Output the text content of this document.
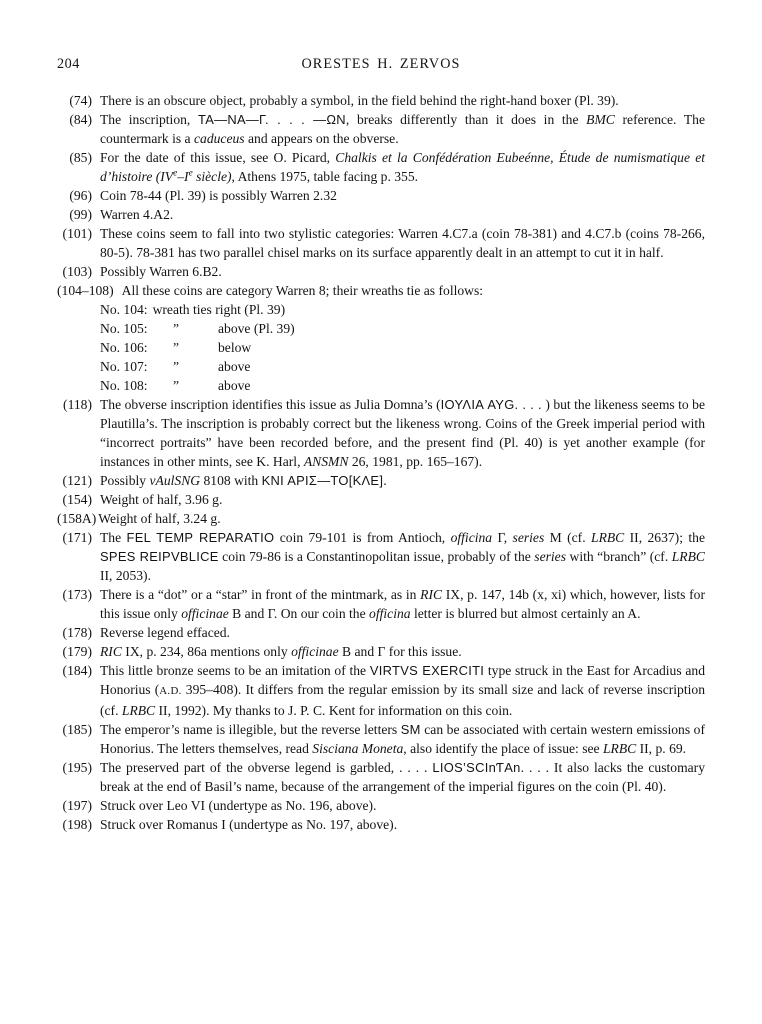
204	ORESTES H. ZERVOS
(74) There is an obscure object, probably a symbol, in the field behind the right-hand boxer (Pl. 39).
(84) The inscription, TA—NA—Γ. . . . —ΩN, breaks differently than it does in the BMC reference. The countermark is a caduceus and appears on the obverse.
(85) For the date of this issue, see O. Picard, Chalkis et la Confédération Eubeénne, Étude de numismatique et d’histoire (IVe–Ie siècle), Athens 1975, table facing p. 355.
(96) Coin 78-44 (Pl. 39) is possibly Warren 2.32
(99) Warren 4.A2.
(101) These coins seem to fall into two stylistic categories: Warren 4.C7.a (coin 78-381) and 4.C7.b (coins 78-266, 80-5). 78-381 has two parallel chisel marks on its surface apparently dealt in an attempt to cut it in half.
(103) Possibly Warren 6.B2.
(104–108) All these coins are category Warren 8; their wreaths tie as follows:
No. 104: wreath ties right (Pl. 39)
No. 105:	”	above (Pl. 39)
No. 106:	”	below
No. 107:	”	above
No. 108:	”	above
(118) The obverse inscription identifies this issue as Julia Domna’s (ΙΟΥΛΙΑ AYG. . . . ) but the likeness seems to be Plautilla’s. The inscription is probably correct but the likeness wrong. Coins of the Greek imperial period with “incorrect portraits” have been recorded before, and the present find (Pl. 40) is yet another example (for instances in other mints, see K. Harl, ANSMN 26, 1981, pp. 165–167).
(121) Possibly vAulSNG 8108 with ΚΝΙ ΑΡΙΣ—ΤΟ[ΚΛΕ].
(154) Weight of half, 3.96 g.
(158A) Weight of half, 3.24 g.
(171) The FEL TEMP REPARATIO coin 79-101 is from Antioch, officina Γ, series M (cf. LRBC II, 2637); the SPES REIPVBLICE coin 79-86 is a Constantinopolitan issue, probably of the series with “branch” (cf. LRBC II, 2053).
(173) There is a “dot” or a “star” in front of the mintmark, as in RIC IX, p. 147, 14b (x, xi) which, however, lists for this issue only officinae B and Γ. On our coin the officina letter is blurred but almost certainly an A.
(178) Reverse legend effaced.
(179) RIC IX, p. 234, 86a mentions only officinae B and Γ for this issue.
(184) This little bronze seems to be an imitation of the VIRTVS EXERCITI type struck in the East for Arcadius and Honorius (A.D. 395–408). It differs from the regular emission by its small size and lack of reverse inscription (cf. LRBC II, 1992). My thanks to J. P. C. Kent for information on this coin.
(185) The emperor’s name is illegible, but the reverse letters SM can be associated with certain western emissions of Honorius. The letters themselves, read Sisciana Moneta, also identify the place of issue: see LRBC II, p. 69.
(195) The preserved part of the obverse legend is garbled, . . . . LIOS’SCInƬAn. . . . It also lacks the customary break at the end of Basil’s name, because of the arrangement of the imperial figures on the coin (Pl. 40).
(197) Struck over Leo VI (undertype as No. 196, above).
(198) Struck over Romanus I (undertype as No. 197, above).
